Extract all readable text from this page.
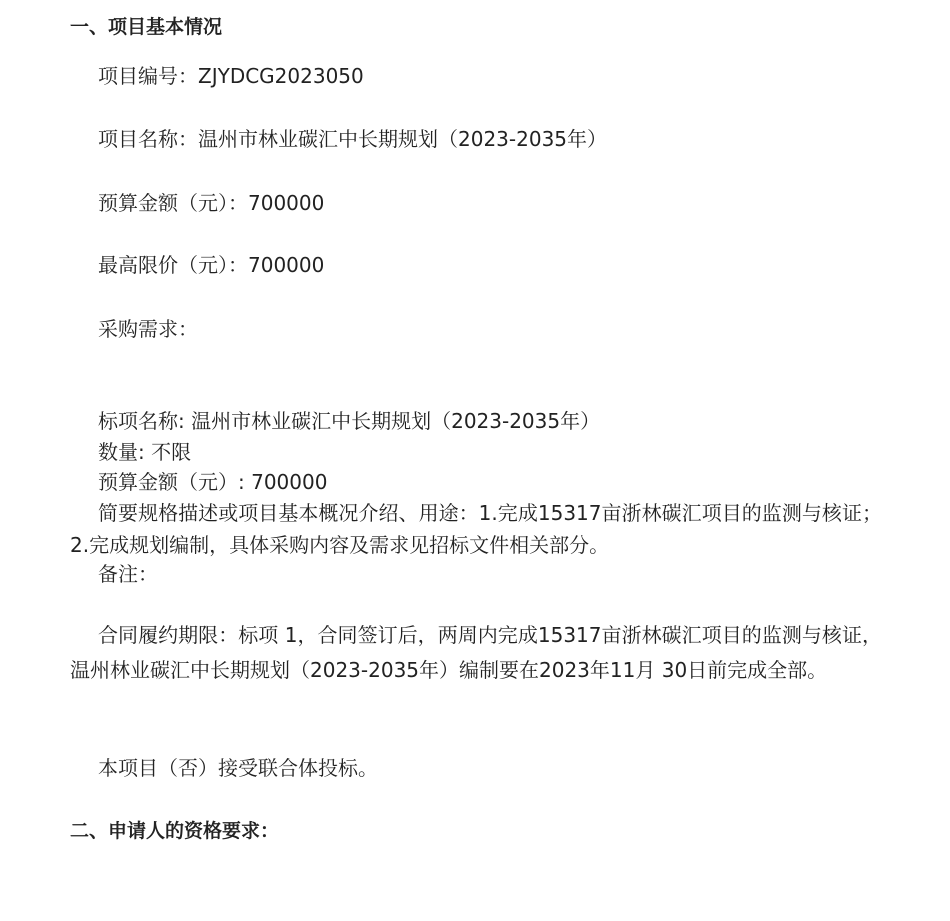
一、项目基本情况
项目编号：ZJYDCG2023050
项目名称：温州市林业碳汇中长期规划（2023-2035年）
预算金额（元）：700000
最高限价（元）：700000
采购需求：
标项名称: 温州市林业碳汇中长期规划（2023-2035年）
数量: 不限
预算金额（元）: 700000

简要规格描述或项目基本概况介绍、用途：1.完成15317亩浙林碳汇项目的监测与核证；2.完成规划编制，具体采购内容及需求见招标文件相关部分。

备注：

合同履约期限：标项 1，合同签订后，两周内完成15317亩浙林碳汇项目的监测与核证，温州林业碳汇中长期规划（2023-2035年）编制要在2023年11月 30日前完成全部。

本项目（否）接受联合体投标。
二、申请人的资格要求：
